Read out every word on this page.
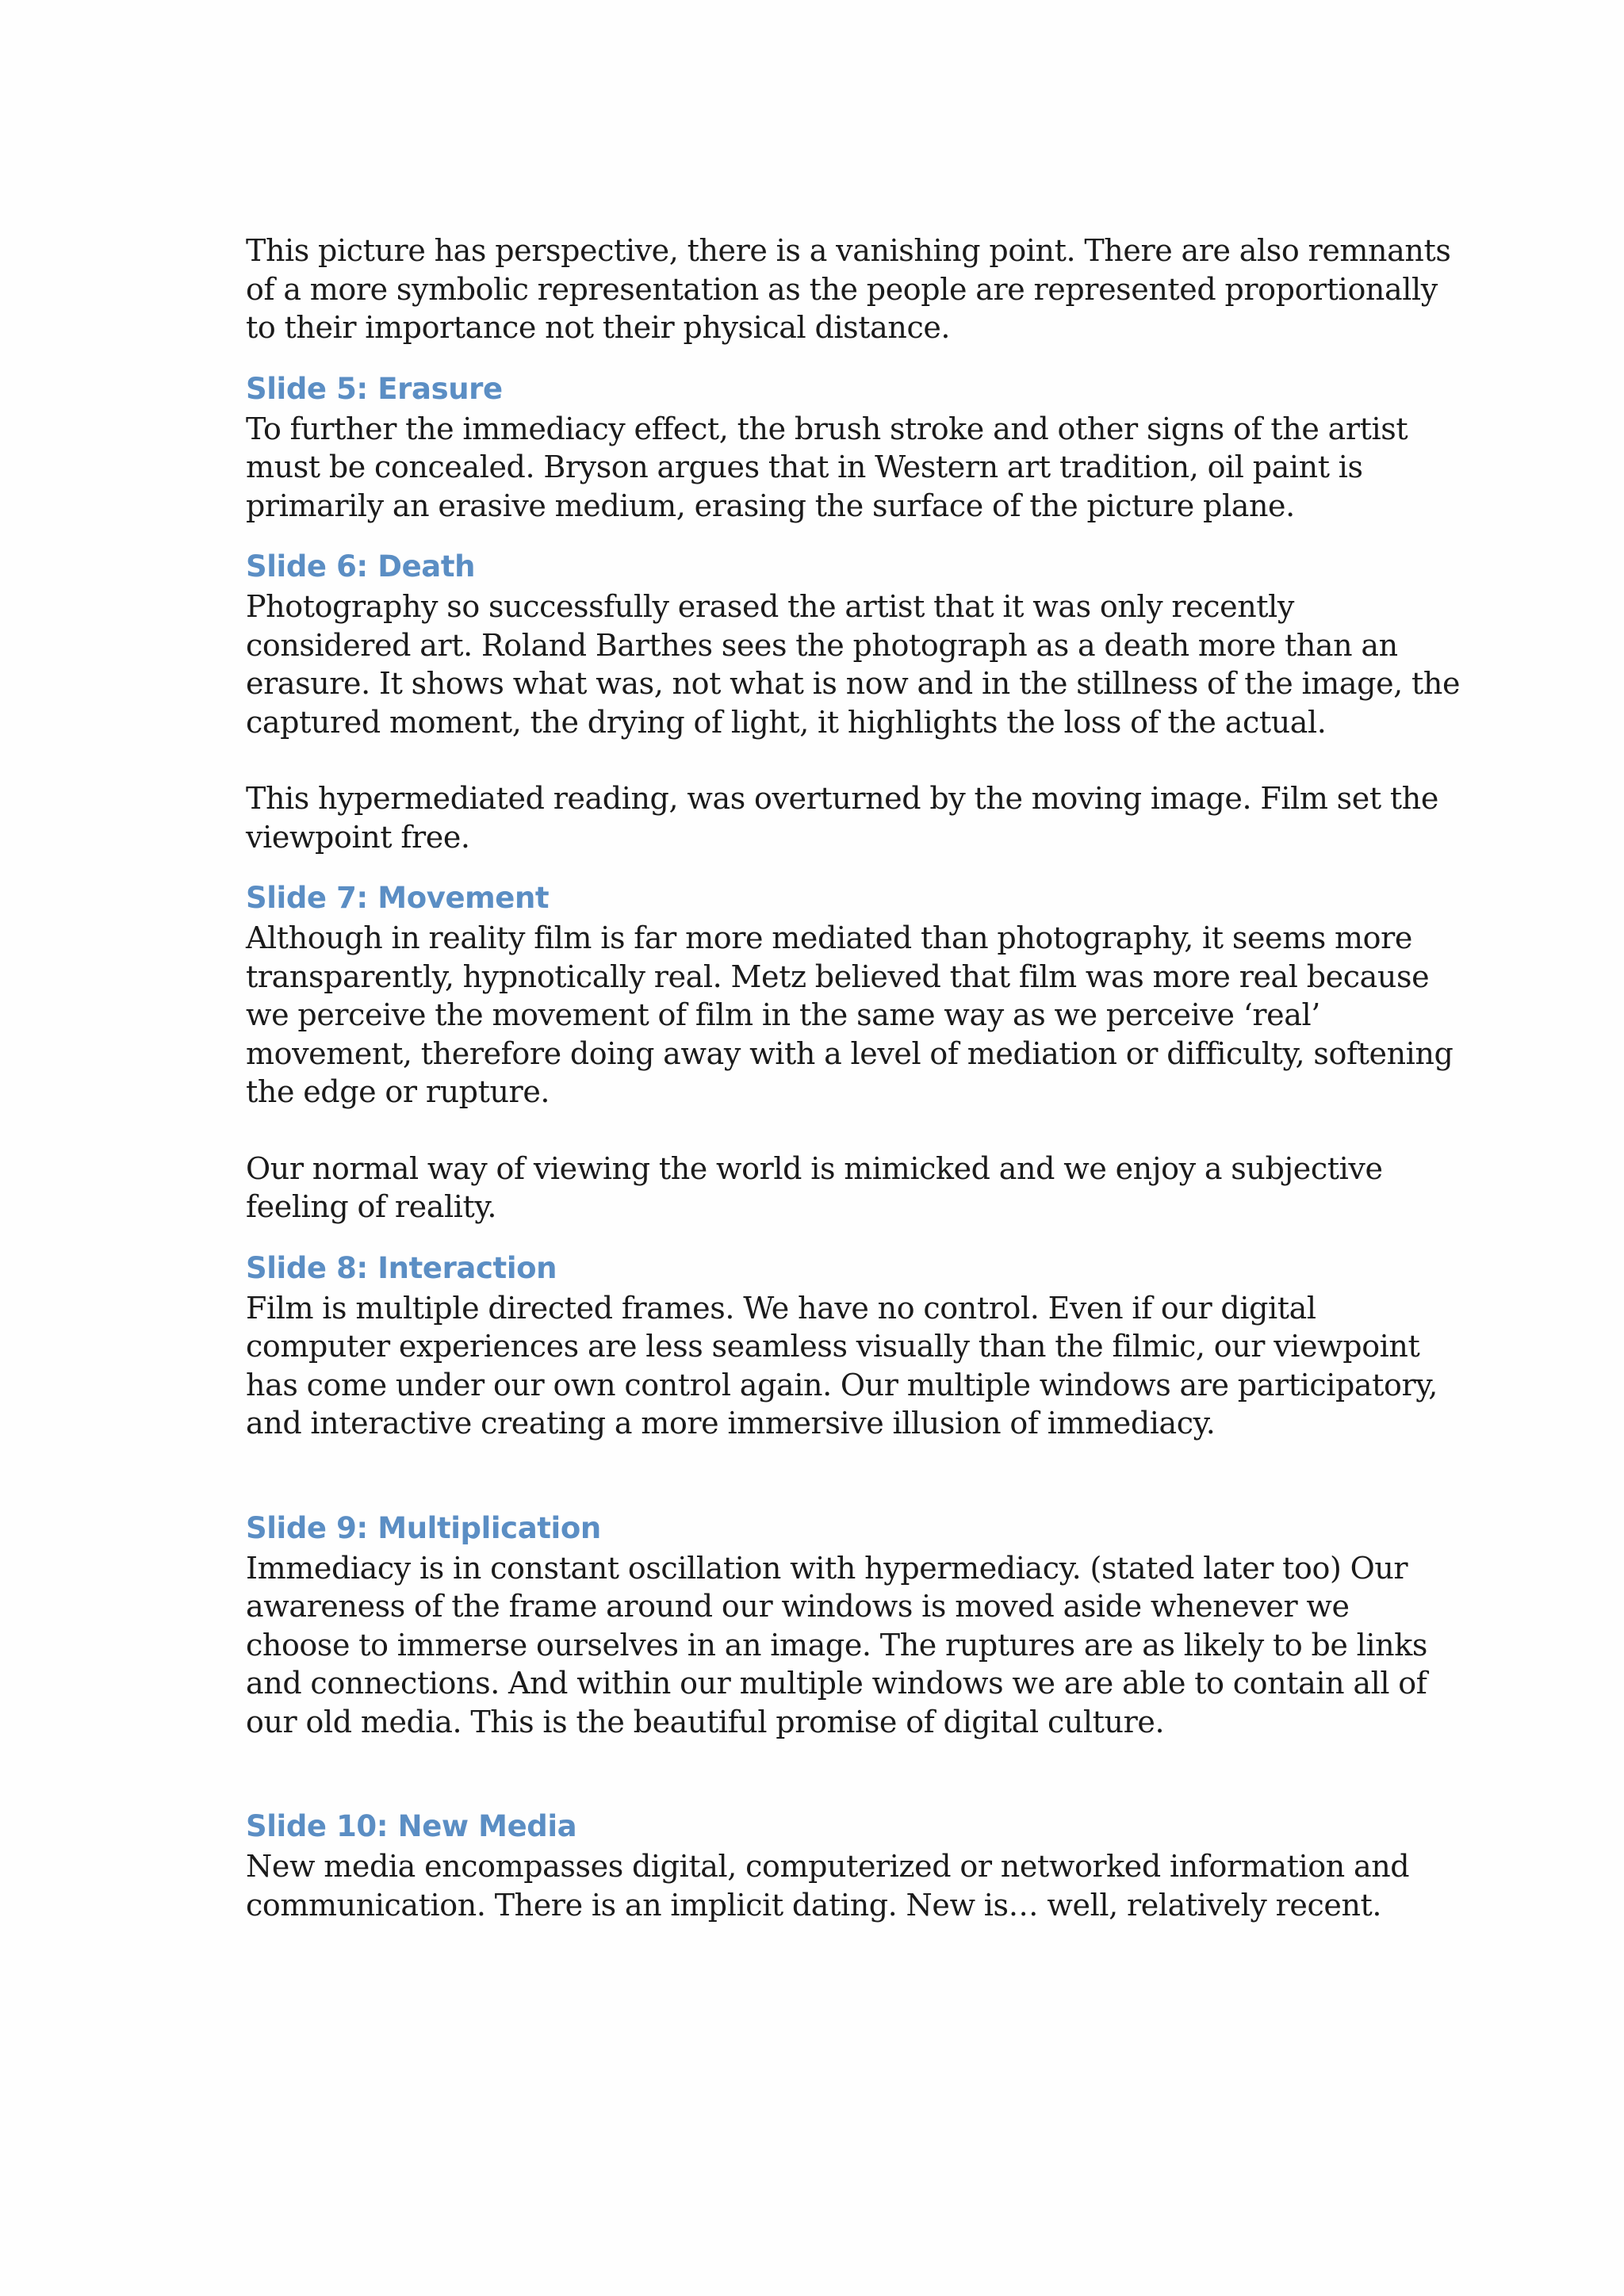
This picture has perspective, there is a vanishing point. There are also remnants
of a more symbolic representation as the people are represented proportionally
to their importance not their physical distance.

Slide 5: Erasure

To further the immediacy effect, the brush stroke and other signs of the artist
must be concealed. Bryson argues that in Western art tradition, oil paint is
primarily an erasive medium, erasing the surface of the picture plane.

Slide 6: Death

Photography so successfully erased the artist that it was only recently
considered art. Roland Barthes sees the photograph as a death more than an
erasure. It shows what was, not what is now and in the stillness of the image, the
captured moment, the drying of light, it highlights the loss of the actual.

This hypermediated reading, was overturned by the moving image. Film set the
viewpoint free.

Slide 7: Movement

Although in reality film is far more mediated than photography, it seems more
transparently, hypnotically real. Metz believed that film was more real because
we perceive the movement of film in the same way as we perceive ‘real’
movement, therefore doing away with a level of mediation or difficulty, softening
the edge or rupture.

Our normal way of viewing the world is mimicked and we enjoy a subjective
feeling of reality.

Slide 8: Interaction

Film is multiple directed frames. We have no control. Even if our digital
computer experiences are less seamless visually than the filmic, our viewpoint
has come under our own control again. Our multiple windows are participatory,
and interactive creating a more immersive illusion of immediacy.

Slide 9: Multiplication

Immediacy is in constant oscillation with hypermediacy. (stated later too) Our
awareness of the frame around our windows is moved aside whenever we
choose to immerse ourselves in an image. The ruptures are as likely to be links
and connections. And within our multiple windows we are able to contain all of
our old media. This is the beautiful promise of digital culture.

Slide 10: New Media

New media encompasses digital, computerized or networked information and
communication. There is an implicit dating. New is… well, relatively recent.
